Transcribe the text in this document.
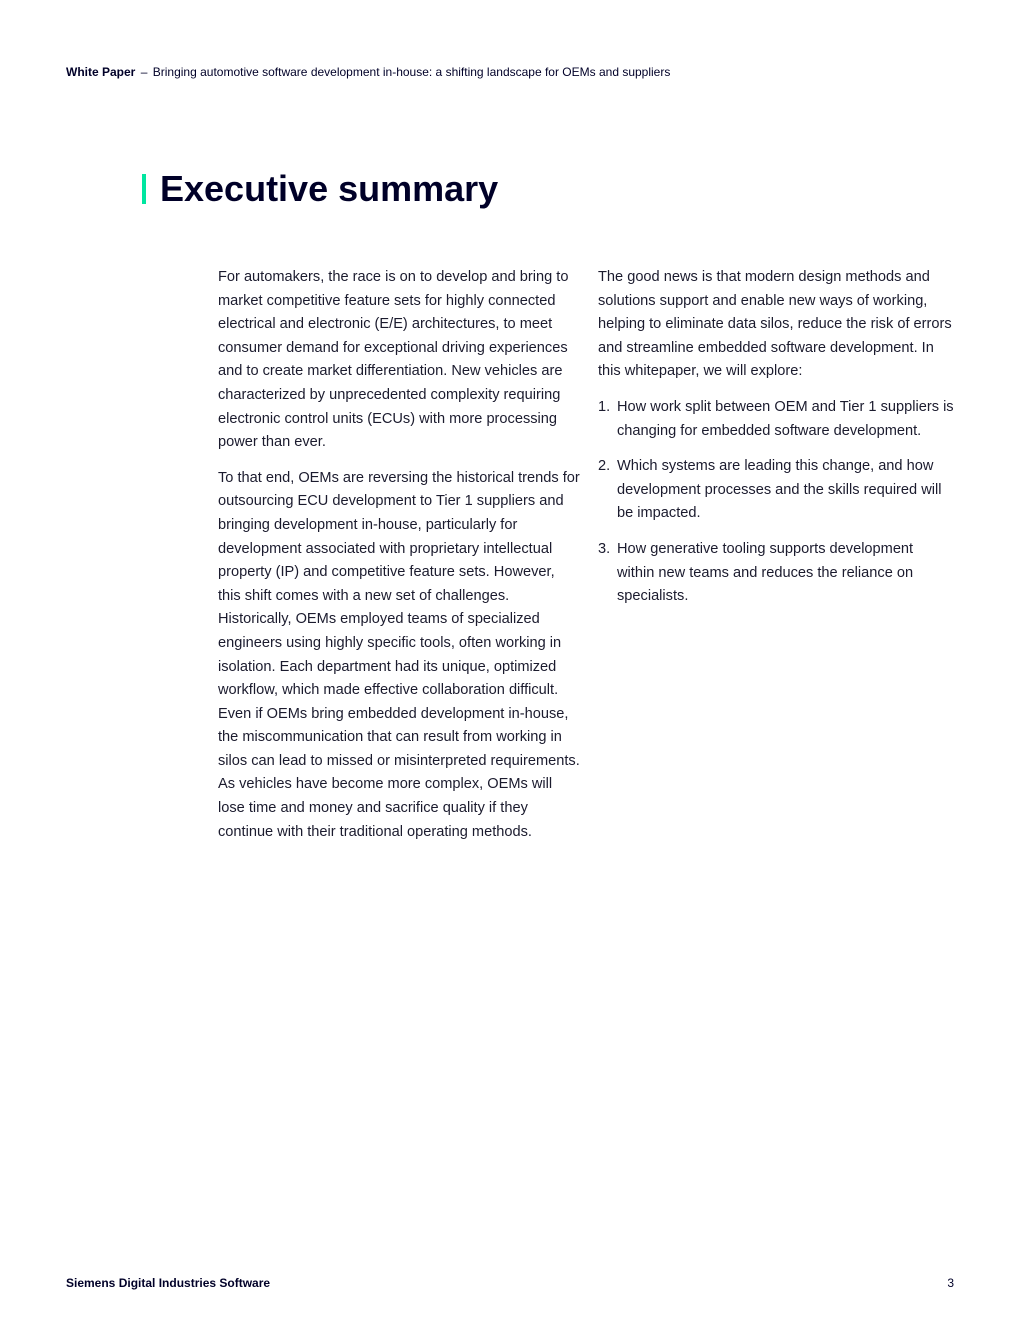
White Paper – Bringing automotive software development in-house: a shifting landscape for OEMs and suppliers
Executive summary

For automakers, the race is on to develop and bring to market competitive feature sets for highly connected electrical and electronic (E/E) architectures, to meet consumer demand for exceptional driving experiences and to create market differentiation. New vehicles are characterized by unprecedented complexity requiring electronic control units (ECUs) with more processing power than ever.

To that end, OEMs are reversing the historical trends for outsourcing ECU development to Tier 1 suppliers and bringing development in-house, particularly for development associated with proprietary intellectual property (IP) and competitive feature sets. However, this shift comes with a new set of challenges. Historically, OEMs employed teams of specialized engineers using highly specific tools, often working in isolation. Each department had its unique, optimized workflow, which made effective collaboration difficult. Even if OEMs bring embedded development in-house, the miscommunication that can result from working in silos can lead to missed or misinterpreted requirements. As vehicles have become more complex, OEMs will lose time and money and sacrifice quality if they continue with their traditional operating methods.

The good news is that modern design methods and solutions support and enable new ways of working, helping to eliminate data silos, reduce the risk of errors and streamline embedded software development. In this whitepaper, we will explore:

1. How work split between OEM and Tier 1 suppliers is changing for embedded software development.
2. Which systems are leading this change, and how development processes and the skills required will be impacted.
3. How generative tooling supports development within new teams and reduces the reliance on specialists.
Siemens Digital Industries Software	3
